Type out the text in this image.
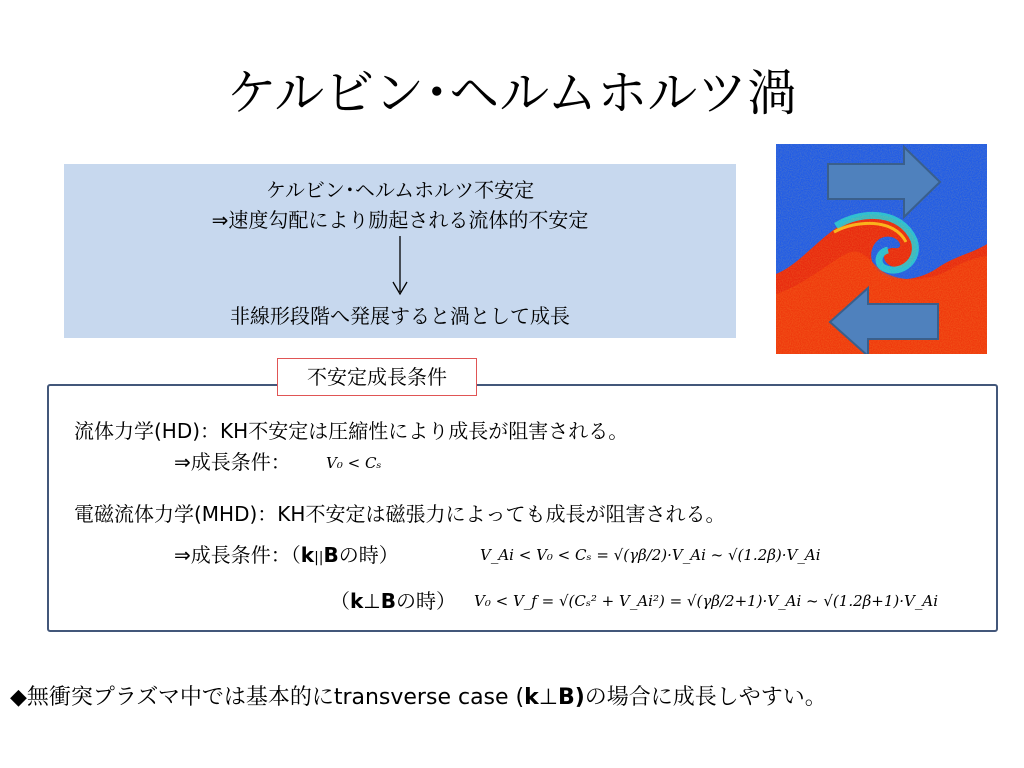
ケルビン･ヘルムホルツ渦
ケルビン･ヘルムホルツ不安定
⇒速度勾配により励起される流体的不安定
非線形段階へ発展すると渦として成長
不安定成長条件
流体力学(HD)：KH不安定は圧縮性により成長が阻害される。
⇒成長条件： V₀ < Cₛ
電磁流体力学(MHD)：KH不安定は磁張力によっても成長が阻害される。
⇒成長条件：（k||Bの時）	V_Ai < V₀ < Cₛ = √(γβ/2)·V_Ai ~ √(1.2β)·V_Ai
（k⊥Bの時） V₀ < V_f = √(Cₛ² + V_Ai²) = √(γβ/2+1)·V_Ai ~ √(1.2β+1)·V_Ai
◆無衝突プラズマ中では基本的にtransverse case (k⊥B)の場合に成長しやすい。
